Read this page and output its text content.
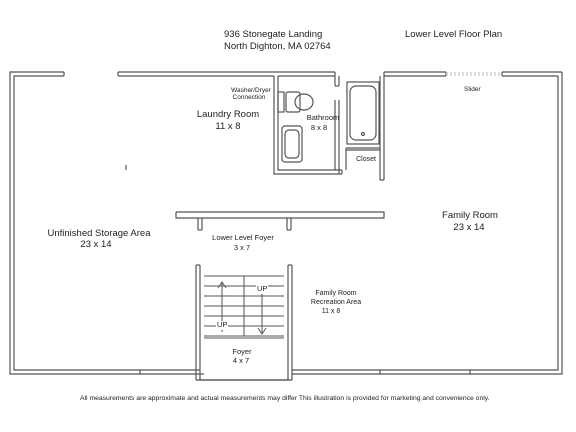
936 Stonegate Landing
North Dighton, MA 02764
Lower Level Floor Plan
Washer/Dryer
Connection
Laundry Room
11 x 8
Bathroom
8 x 8
Closet
Slider
Unfinished Storage Area
23 x 14
Family Room
23 x 14
Lower Level Foyer
3 x 7
Family Room
Recreation Area
11 x 8
UP
UP
Foyer
4 x 7
All measurements are approximate and actual measurements may differ This illustration is provided for marketing and convenience only.
